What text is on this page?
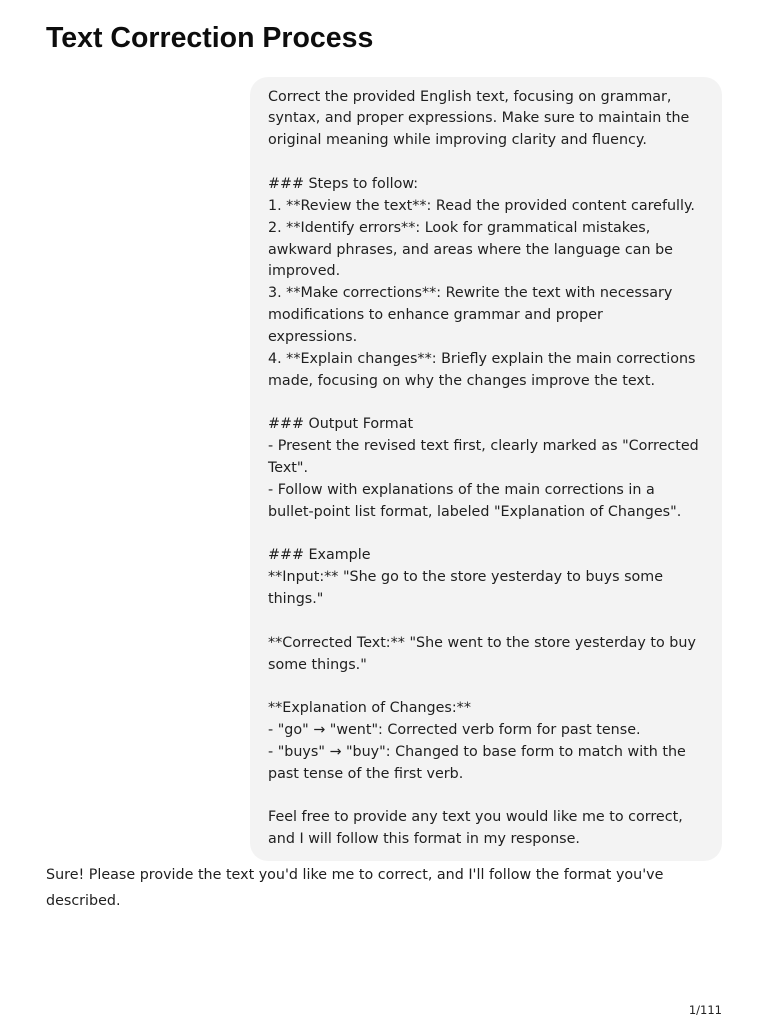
Text Correction Process
Correct the provided English text, focusing on grammar,
syntax, and proper expressions. Make sure to maintain the
original meaning while improving clarity and fluency.
### Steps to follow:
1. **Review the text**: Read the provided content carefully.
2. **Identify errors**: Look for grammatical mistakes,
awkward phrases, and areas where the language can be
improved.
3. **Make corrections**: Rewrite the text with necessary
modifications to enhance grammar and proper
expressions.
4. **Explain changes**: Briefly explain the main corrections
made, focusing on why the changes improve the text.
### Output Format
- Present the revised text first, clearly marked as "Corrected
Text".
- Follow with explanations of the main corrections in a
bullet-point list format, labeled "Explanation of Changes".
### Example
**Input:** "She go to the store yesterday to buys some
things."
**Corrected Text:** "She went to the store yesterday to buy
some things."
**Explanation of Changes:**
- "go" → "went": Corrected verb form for past tense.
- "buys" → "buy": Changed to base form to match with the
past tense of the first verb.
Feel free to provide any text you would like me to correct,
and I will follow this format in my response.

Sure! Please provide the text you'd like me to correct, and I'll follow the format you've described.

1/111
